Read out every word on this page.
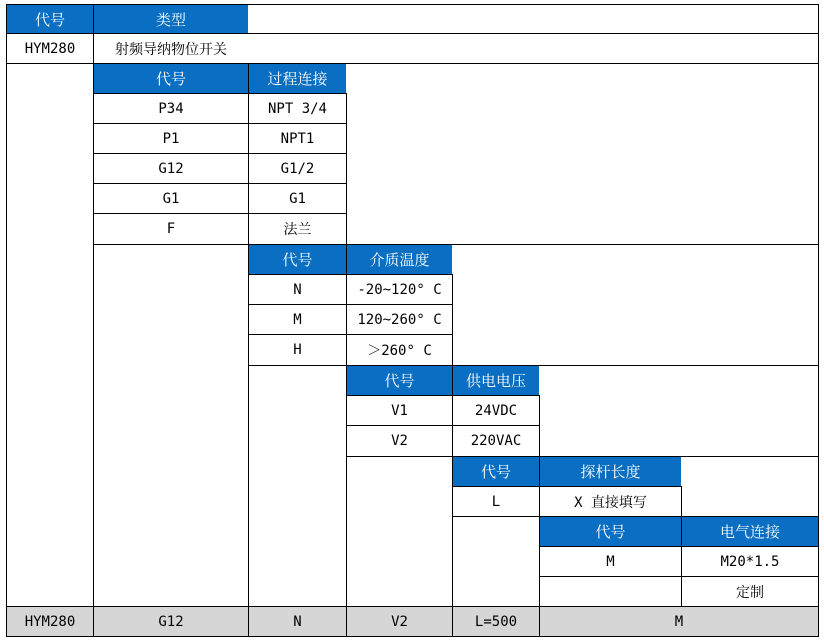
代号	类型
HYM280	射频导纳物位开关
代号	过程连接
P34	NPT 3/4
P1	NPT1
G12	G1/2
G1	G1
F	法兰
代号	介质温度
N	-20~120° C
M	120~260° C
H	＞260° C
代号	供电电压
V1	24VDC
V2	220VAC
代号	探杆长度
L	X 直接填写
代号	电气连接
M	M20*1.5
定制
HYM280	G12	N	V2	L=500	M
